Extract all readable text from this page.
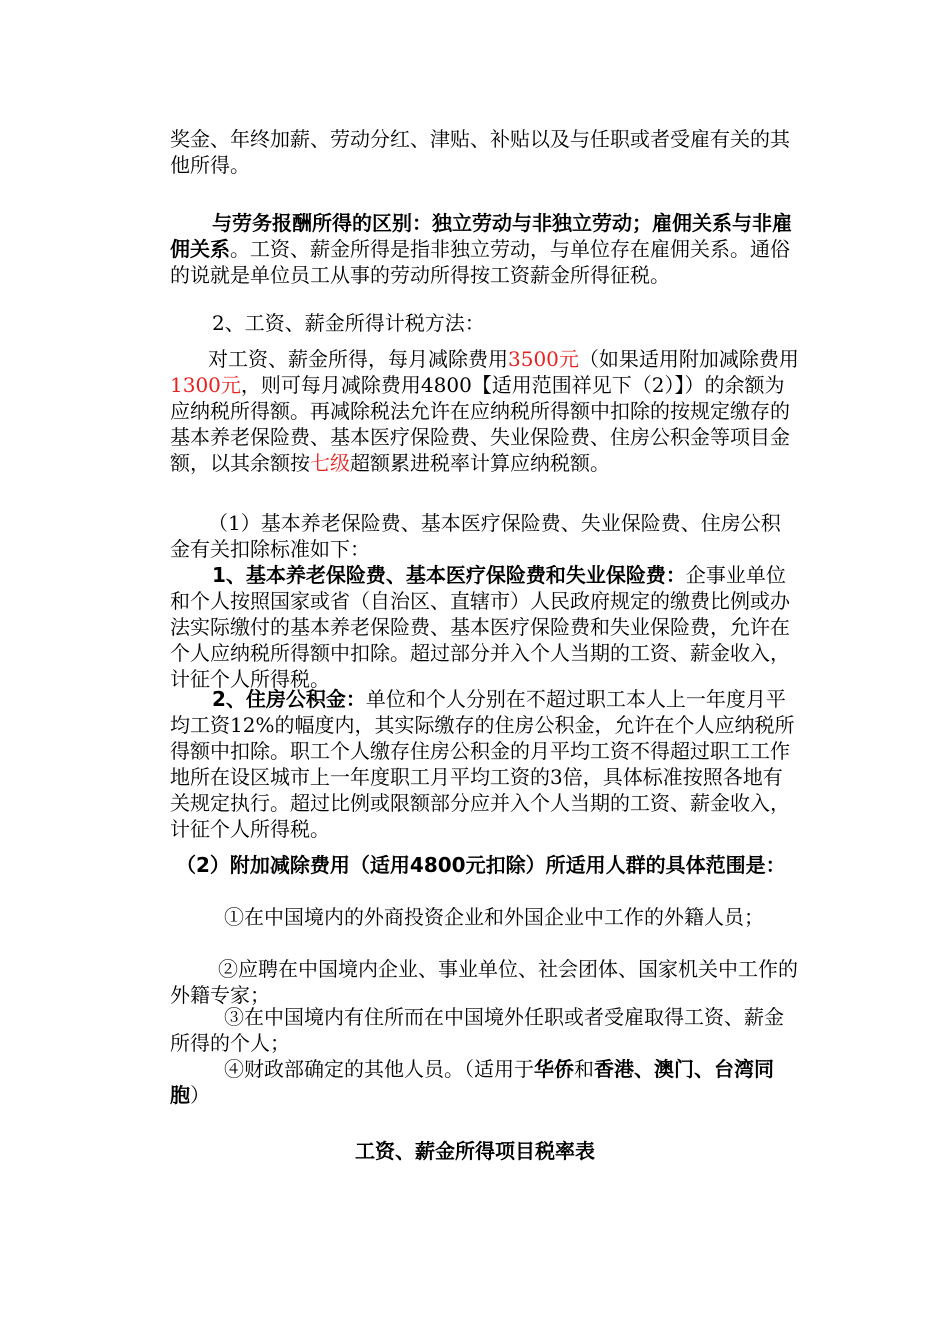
奖金、年终加薪、劳动分红、津贴、补贴以及与任职或者受雇有关的其他所得。

与劳务报酬所得的区别：独立劳动与非独立劳动；雇佣关系与非雇佣关系。工资、薪金所得是指非独立劳动，与单位存在雇佣关系。通俗的说就是单位员工从事的劳动所得按工资薪金所得征税。

2、工资、薪金所得计税方法：

对工资、薪金所得，每月减除费用3500元（如果适用附加减除费用1300元，则可每月减除费用4800【适用范围祥见下（2）】）的余额为应纳税所得额。再减除税法允许在应纳税所得额中扣除的按规定缴存的基本养老保险费、基本医疗保险费、失业保险费、住房公积金等项目金额，以其余额按七级超额累进税率计算应纳税额。

（1）基本养老保险费、基本医疗保险费、失业保险费、住房公积金有关扣除标准如下：

1、基本养老保险费、基本医疗保险费和失业保险费：企事业单位和个人按照国家或省（自治区、直辖市）人民政府规定的缴费比例或办法实际缴付的基本养老保险费、基本医疗保险费和失业保险费，允许在个人应纳税所得额中扣除。超过部分并入个人当期的工资、薪金收入，计征个人所得税。

2、住房公积金：单位和个人分别在不超过职工本人上一年度月平均工资12%的幅度内，其实际缴存的住房公积金，允许在个人应纳税所得额中扣除。职工个人缴存住房公积金的月平均工资不得超过职工工作地所在设区城市上一年度职工月平均工资的3倍，具体标准按照各地有关规定执行。超过比例或限额部分应并入个人当期的工资、薪金收入，计征个人所得税。

（2）附加减除费用（适用4800元扣除）所适用人群的具体范围是：

①在中国境内的外商投资企业和外国企业中工作的外籍人员；

②应聘在中国境内企业、事业单位、社会团体、国家机关中工作的外籍专家；

③在中国境内有住所而在中国境外任职或者受雇取得工资、薪金所得的个人；

④财政部确定的其他人员。（适用于华侨和香港、澳门、台湾同胞）

工资、薪金所得项目税率表
